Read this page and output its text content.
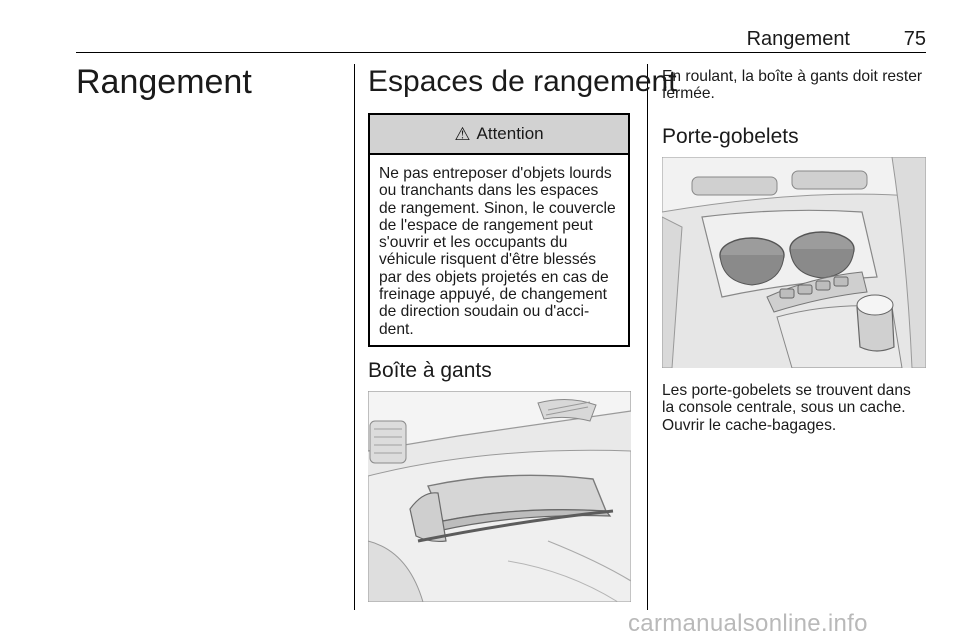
Rangement	75
Rangement	Espaces de rangement
⚠ Attention
Ne pas entreposer d'objets lourds
ou tranchants dans les espaces
de rangement. Sinon, le couvercle
de l'espace de rangement peut
s'ouvrir et les occupants du
véhicule risquent d'être blessés
par des objets projetés en cas de
freinage appuyé, de changement
de direction soudain ou d'acci-
dent.
Boîte à gants
En roulant, la boîte à gants doit rester
fermée.
Porte-gobelets
Les porte-gobelets se trouvent dans
la console centrale, sous un cache.
Ouvrir le cache-bagages.
carmanualsonline.info
